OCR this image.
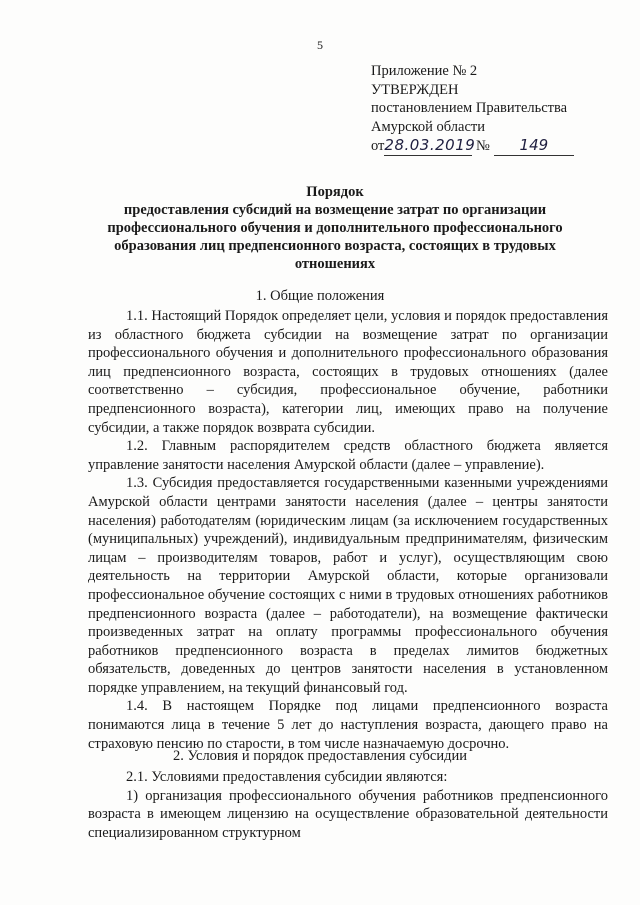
5
Приложение № 2
УТВЕРЖДЕН
постановлением Правительства
Амурской области
от28.03.2019 № 149
Порядок
предоставления субсидий на возмещение затрат по организации профессионального обучения и дополнительного профессионального образования лиц предпенсионного возраста, состоящих в трудовых отношениях
1. Общие положения

1.1. Настоящий Порядок определяет цели, условия и порядок предоставления из областного бюджета субсидии на возмещение затрат по организации профессионального обучения и дополнительного профессионального образования лиц предпенсионного возраста, состоящих в трудовых отношениях (далее соответственно – субсидия, профессиональное обучение, работники предпенсионного возраста), категории лиц, имеющих право на получение субсидии, а также порядок возврата субсидии.

1.2. Главным распорядителем средств областного бюджета является управление занятости населения Амурской области (далее – управление).

1.3. Субсидия предоставляется государственными казенными учреждениями Амурской области центрами занятости населения (далее – центры занятости населения) работодателям (юридическим лицам (за исключением государственных (муниципальных) учреждений), индивидуальным предпринимателям, физическим лицам – производителям товаров, работ и услуг), осуществляющим свою деятельность на территории Амурской области, которые организовали профессиональное обучение состоящих с ними в трудовых отношениях работников предпенсионного возраста (далее – работодатели), на возмещение фактически произведенных затрат на оплату программы профессионального обучения работников предпенсионного возраста в пределах лимитов бюджетных обязательств, доведенных до центров занятости населения в установленном порядке управлением, на текущий финансовый год.

1.4. В настоящем Порядке под лицами предпенсионного возраста понимаются лица в течение 5 лет до наступления возраста, дающего право на страховую пенсию по старости, в том числе назначаемую досрочно.

2. Условия и порядок предоставления субсидии

2.1. Условиями предоставления субсидии являются:

1) организация профессионального обучения работников предпенсионного возраста в имеющем лицензию на осуществление образовательной деятельности специализированном структурном
